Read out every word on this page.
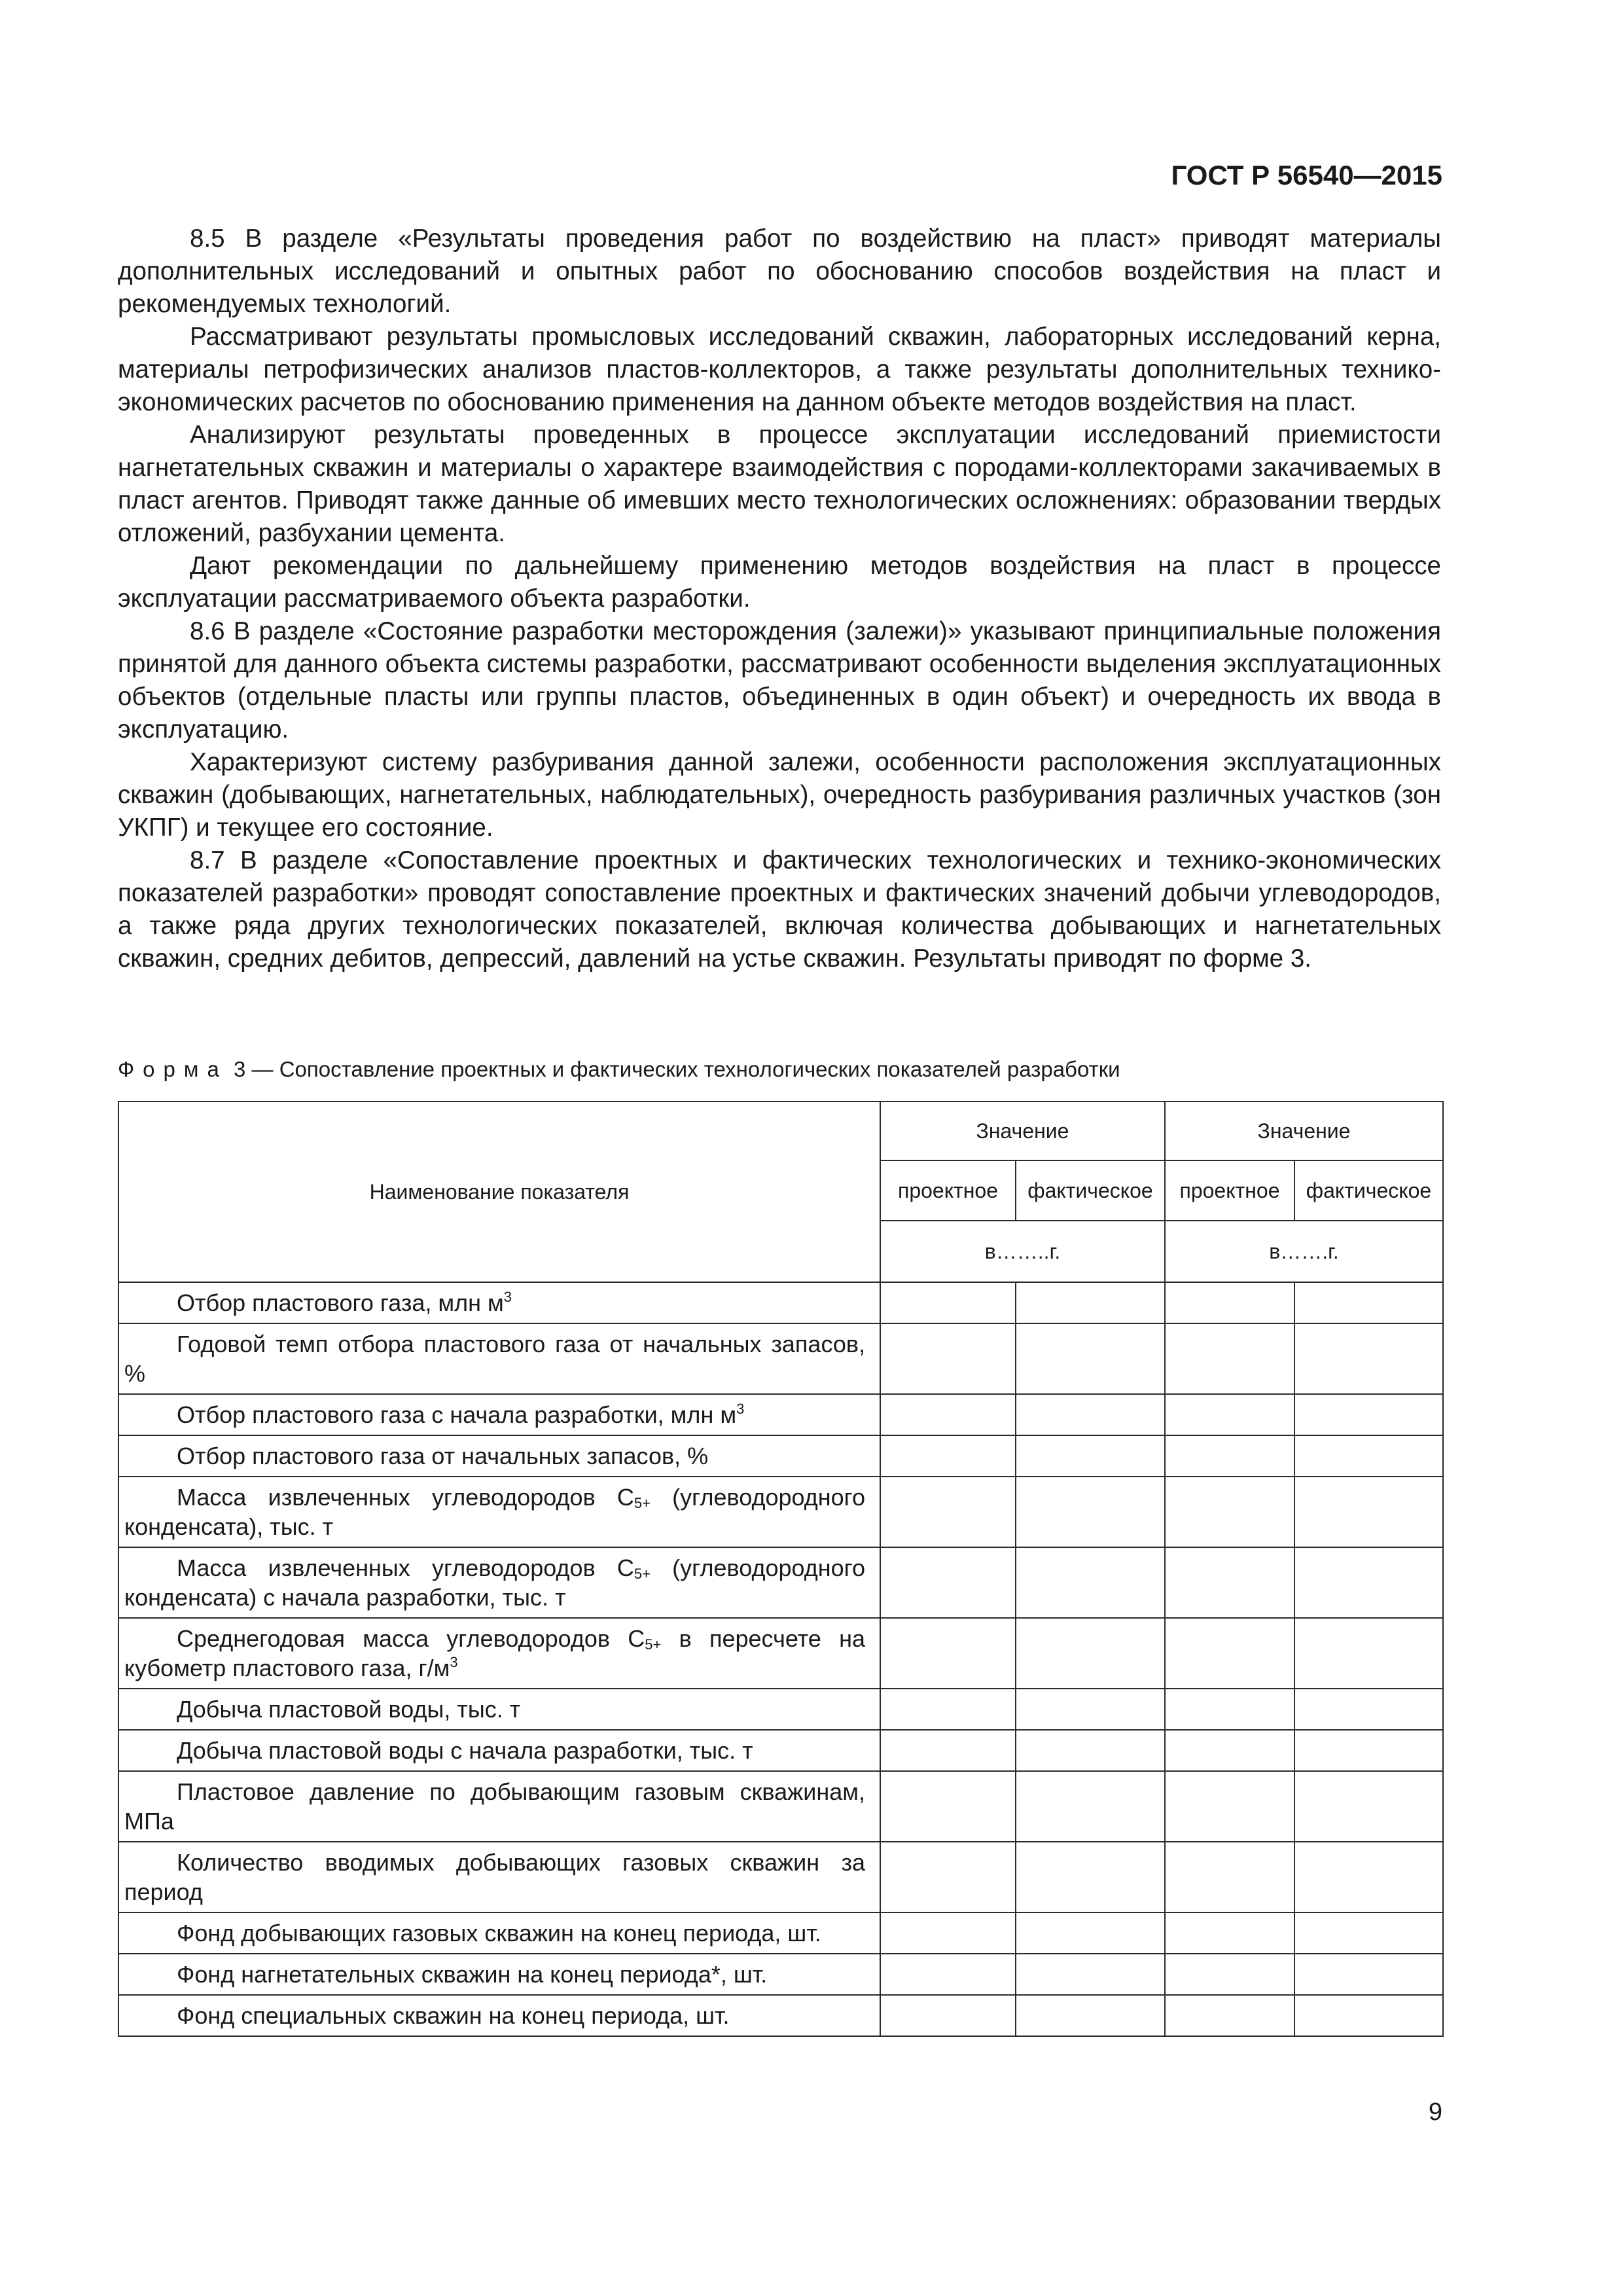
ГОСТ Р 56540—2015

8.5 В разделе «Результаты проведения работ по воздействию на пласт» приводят материалы дополнительных исследований и опытных работ по обоснованию способов воздействия на пласт и рекомендуемых технологий.

Рассматривают результаты промысловых исследований скважин, лабораторных исследований керна, материалы петрофизических анализов пластов-коллекторов, а также результаты дополнительных технико-экономических расчетов по обоснованию применения на данном объекте методов воздействия на пласт.

Анализируют результаты проведенных в процессе эксплуатации исследований приемистости нагнетательных скважин и материалы о характере взаимодействия с породами-коллекторами закачиваемых в пласт агентов. Приводят также данные об имевших место технологических осложнениях: образовании твердых отложений, разбухании цемента.

Дают рекомендации по дальнейшему применению методов воздействия на пласт в процессе эксплуатации рассматриваемого объекта разработки.

8.6 В разделе «Состояние разработки месторождения (залежи)» указывают принципиальные положения принятой для данного объекта системы разработки, рассматривают особенности выделения эксплуатационных объектов (отдельные пласты или группы пластов, объединенных в один объект) и очередность их ввода в эксплуатацию.

Характеризуют систему разбуривания данной залежи, особенности расположения эксплуатационных скважин (добывающих, нагнетательных, наблюдательных), очередность разбуривания различных участков (зон УКПГ) и текущее его состояние.

8.7 В разделе «Сопоставление проектных и фактических технологических и технико-экономических показателей разработки» проводят сопоставление проектных и фактических значений добычи углеводородов, а также ряда других технологических показателей, включая количества добывающих и нагнетательных скважин, средних дебитов, депрессий, давлений на устье скважин. Результаты приводят по форме 3.

Форма 3 — Сопоставление проектных и фактических технологических показателей разработки
Наименование показателя	Значение		Значение	
	проектное	фактическое	проектное	фактическое
	в……..г.		в…….г.	
Отбор пластового газа, млн $м^3$				
Годовой темп отбора пластового газа от начальных запасов, %				
Отбор пластового газа с начала разработки, млн $м^3$				
Отбор пластового газа от начальных запасов, %				
Масса извлеченных углеводородов $С_{5+}$ (углеводородного конденсата), тыс. т				
Масса извлеченных углеводородов $С_{5+}$ (углеводородного конденсата) с начала разработки, тыс. т				
Среднегодовая масса углеводородов $С_{5+}$ в пересчете на кубометр пластового газа, $г/м^3$				
Добыча пластовой воды, тыс. т				
Добыча пластовой воды с начала разработки, тыс. т				
Пластовое давление по добывающим газовым скважинам, МПа				
Количество вводимых добывающих газовых скважин за период				
Фонд добывающих газовых скважин на конец периода, шт.				
Фонд нагнетательных скважин на конец периода*, шт.				
Фонд специальных скважин на конец периода, шт.				
9
